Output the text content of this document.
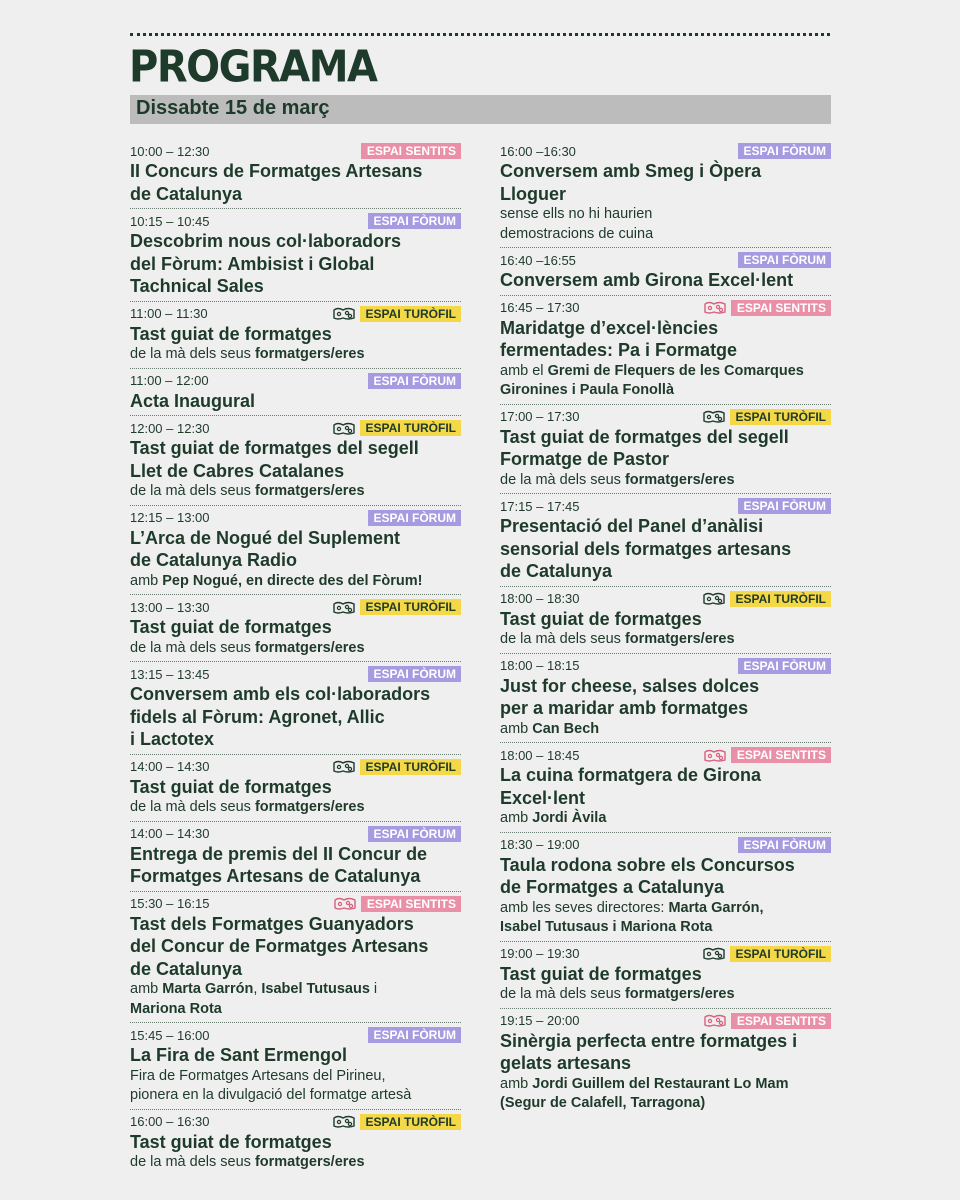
PROGRAMA
Dissabte 15 de març
10:00 – 12:30	ESPAI SENTITS
II Concurs de Formatges Artesans
de Catalunya
10:15 – 10:45	ESPAI FÒRUM
Descobrim nous col·laboradors
del Fòrum: Ambisist i Global
Tachnical Sales
11:00 – 11:30	ESPAI TURÒFIL
Tast guiat de formatges
de la mà dels seus formatgers/eres
11:00 – 12:00	ESPAI FÒRUM
Acta Inaugural
12:00 – 12:30	ESPAI TURÒFIL
Tast guiat de formatges del segell
Llet de Cabres Catalanes
de la mà dels seus formatgers/eres
12:15 – 13:00	ESPAI FÒRUM
L’Arca de Nogué del Suplement
de Catalunya Radio
amb Pep Nogué, en directe des del Fòrum!
13:00 – 13:30	ESPAI TURÒFIL
Tast guiat de formatges
de la mà dels seus formatgers/eres
13:15 – 13:45	ESPAI FÒRUM
Conversem amb els col·laboradors
fidels al Fòrum: Agronet, Allic
i Lactotex
14:00 – 14:30	ESPAI TURÒFIL
Tast guiat de formatges
de la mà dels seus formatgers/eres
14:00 – 14:30	ESPAI FÒRUM
Entrega de premis del II Concur de
Formatges Artesans de Catalunya
15:30 – 16:15	ESPAI SENTITS
Tast dels Formatges Guanyadors
del Concur de Formatges Artesans
de Catalunya
amb Marta Garrón, Isabel Tutusaus i
Mariona Rota
15:45 – 16:00	ESPAI FÒRUM
La Fira de Sant Ermengol
Fira de Formatges Artesans del Pirineu,
pionera en la divulgació del formatge artesà
16:00 – 16:30	ESPAI TURÒFIL
Tast guiat de formatges
de la mà dels seus formatgers/eres
16:00 –16:30	ESPAI FÒRUM
Conversem amb Smeg i Òpera
Lloguer
sense ells no hi haurien
demostracions de cuina
16:40 –16:55	ESPAI FÒRUM
Conversem amb Girona Excel·lent
16:45 – 17:30	ESPAI SENTITS
Maridatge d’excel·lències
fermentades: Pa i Formatge
amb el Gremi de Flequers de les Comarques
Gironines i Paula Fonollà
17:00 – 17:30	ESPAI TURÒFIL
Tast guiat de formatges del segell
Formatge de Pastor
de la mà dels seus formatgers/eres
17:15 – 17:45	ESPAI FÒRUM
Presentació del Panel d’anàlisi
sensorial dels formatges artesans
de Catalunya
18:00 – 18:30	ESPAI TURÒFIL
Tast guiat de formatges
de la mà dels seus formatgers/eres
18:00 – 18:15	ESPAI FÒRUM
Just for cheese, salses dolces
per a maridar amb formatges
amb Can Bech
18:00 – 18:45	ESPAI SENTITS
La cuina formatgera de Girona
Excel·lent
amb Jordi Àvila
18:30 – 19:00	ESPAI FÒRUM
Taula rodona sobre els Concursos
de Formatges a Catalunya
amb les seves directores: Marta Garrón,
Isabel Tutusaus i Mariona Rota
19:00 – 19:30	ESPAI TURÒFIL
Tast guiat de formatges
de la mà dels seus formatgers/eres
19:15 – 20:00	ESPAI SENTITS
Sinèrgia perfecta entre formatges i
gelats artesans
amb Jordi Guillem del Restaurant Lo Mam
(Segur de Calafell, Tarragona)
